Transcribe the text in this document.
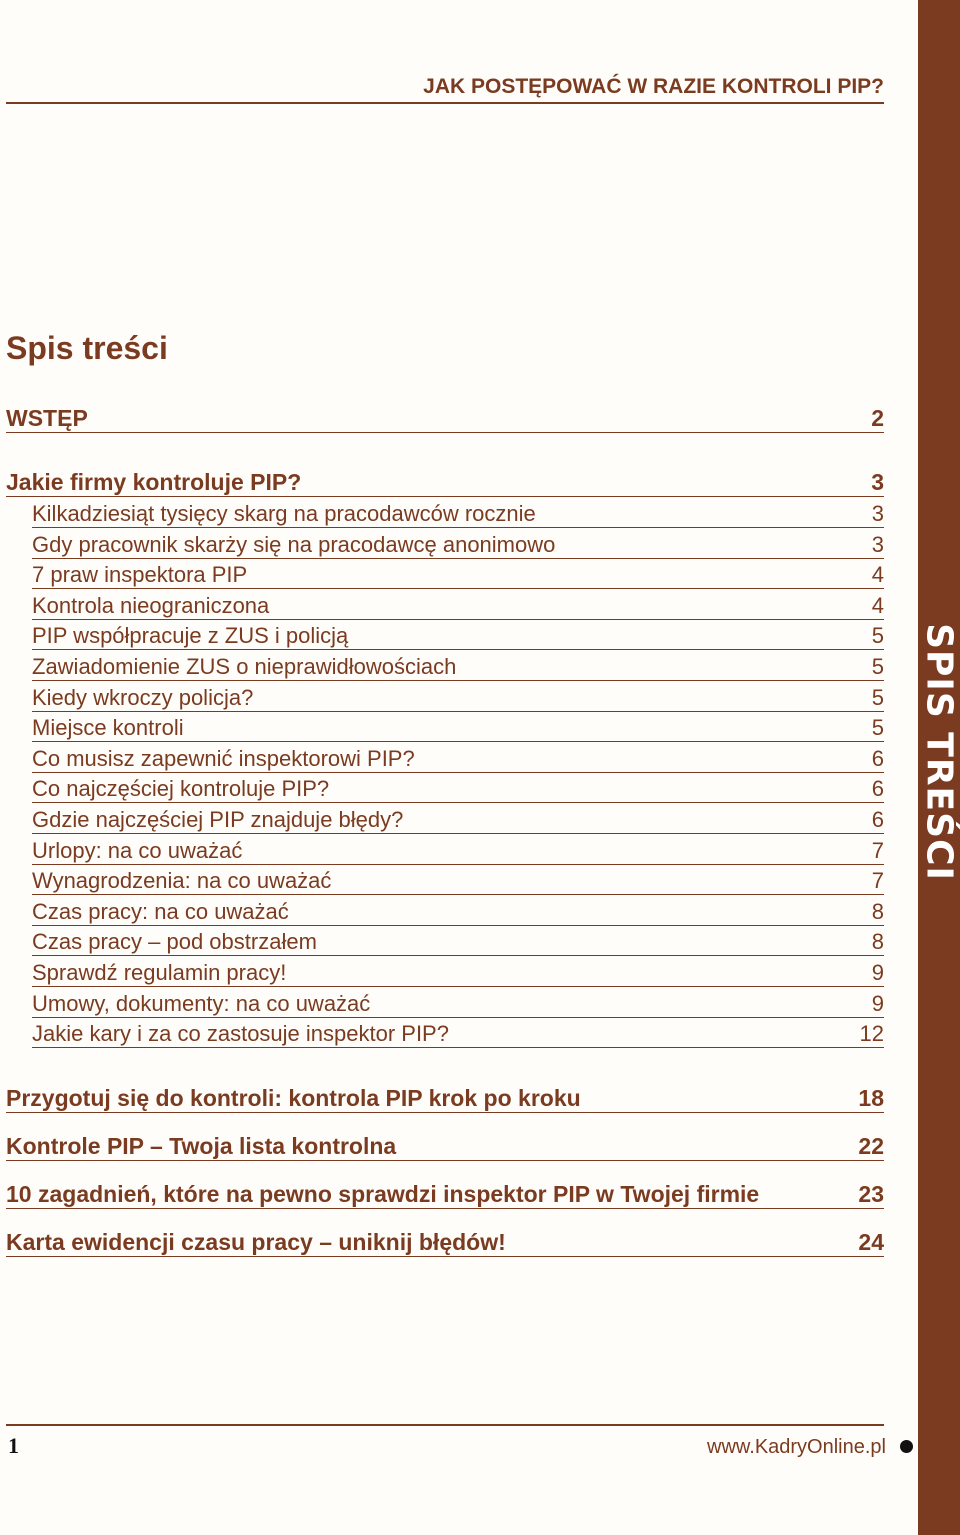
SPIS TREŚCI
JAK POSTĘPOWAĆ W RAZIE KONTROLI PIP?
Spis treści
WSTĘP	2
Jakie firmy kontroluje PIP?	3
Kilkadziesiąt tysięcy skarg na pracodawców rocznie	3
Gdy pracownik skarży się na pracodawcę anonimowo	3
7 praw inspektora PIP	4
Kontrola nieograniczona	4
PIP współpracuje z ZUS i policją	5
Zawiadomienie ZUS o nieprawidłowościach	5
Kiedy wkroczy policja?	5
Miejsce kontroli	5
Co musisz zapewnić inspektorowi PIP?	6
Co najczęściej kontroluje PIP?	6
Gdzie najczęściej PIP znajduje błędy?	6
Urlopy: na co uważać	7
Wynagrodzenia: na co uważać	7
Czas pracy: na co uważać	8
Czas pracy – pod obstrzałem	8
Sprawdź regulamin pracy!	9
Umowy, dokumenty: na co uważać	9
Jakie kary i za co zastosuje inspektor PIP?	12
Przygotuj się do kontroli: kontrola PIP krok po kroku	18
Kontrole PIP – Twoja lista kontrolna	22
10 zagadnień, które na pewno sprawdzi inspektor PIP w Twojej firmie	23
Karta ewidencji czasu pracy – uniknij błędów!	24
1	www.KadryOnline.pl
